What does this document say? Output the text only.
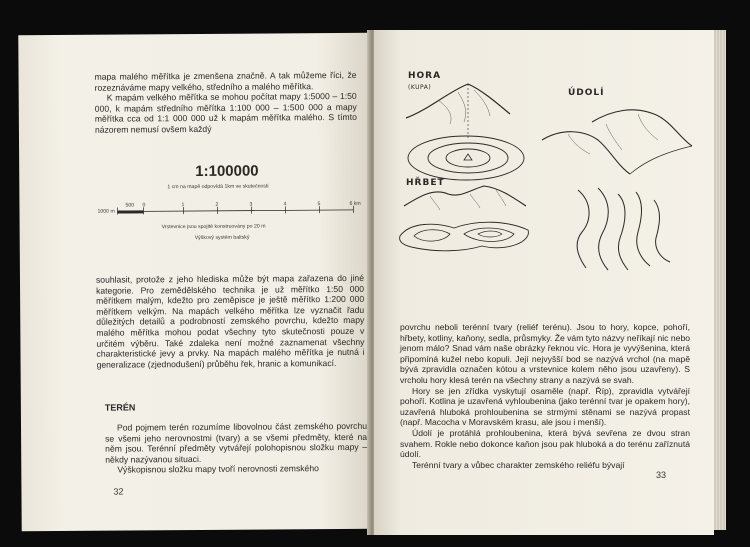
mapa malého měřítka je zmenšena značně. A tak můžeme říci, že rozeznáváme mapy velkého, středního a malého měřítka.

K mapám velkého měřítka se mohou počítat mapy 1:5000 – 1:50 000, k mapám středního měřítka 1:100 000 – 1:500 000 a mapy měřítka cca od 1:1 000 000 už k mapám měřítka malého. S tímto názorem nemusí ovšem každý

1:100000
1 cm na mapě odpovídá 1km ve skutečnosti
1000 m
500 0	1	2	3	4	5	6 km
Vrstevnice jsou spojité konstruovány po 20 m
Výškový systém baltský

souhlasit, protože z jeho hlediska může být mapa zařazena do jiné kategorie. Pro zemědělského technika je už měřítko 1:50 000 měřítkem malým, kdežto pro zeměpisce je ještě měřítko 1:200 000 měřítkem velkým. Na mapách velkého měřítka lze vyznačit řadu důležitých detailů a podrobností zemského povrchu, kdežto mapy malého měřítka mohou podat všechny tyto skutečnosti pouze v určitém výběru. Také zdaleka není možné zaznamenat všechny charakteristické jevy a prvky. Na mapách malého měřítka je nutná i generalizace (zjednodušení) průběhu řek, hranic a komunikací.

TERÉN

Pod pojmem terén rozumíme libovolnou část zemského povrchu se všemi jeho nerovnostmi (tvary) a se všemi předměty, které na něm jsou. Terénní předměty vytvářejí polohopisnou složku mapy – někdy nazývanou situaci.

Výškopisnou složku mapy tvoří nerovnosti zemského

32
HORA
(KUPA)
ÚDOLÍ
HŘBET

povrchu neboli terénní tvary (reliéf terénu). Jsou to hory, kopce, pohoří, hřbety, kotliny, kaňony, sedla, průsmyky. Že vám tyto názvy neříkají nic nebo jenom málo? Snad vám naše obrázky řeknou víc. Hora je vyvýšenina, která připomíná kužel nebo kopuli. Její nejvyšší bod se nazývá vrchol (na mapě bývá zpravidla označen kótou a vrstevnice kolem něho jsou uzavřeny). S vrcholu hory klesá terén na všechny strany a nazývá se svah.

Hory se jen zřídka vyskytují osaměle (např. Říp), zpravidla vytvářejí pohoří. Kotlina je uzavřená vyhloubenina (jako terénní tvar je opakem hory), uzavřená hluboká prohloubenina se strmými stěnami se nazývá propast (např. Macocha v Moravském krasu, ale jsou i menší).

Údolí je protáhlá prohloubenina, která bývá sevřena ze dvou stran svahem. Rokle nebo dokonce kaňon jsou pak hluboká a do terénu zaříznutá údolí.

Terénní tvary a vůbec charakter zemského reliéfu bývají

33
